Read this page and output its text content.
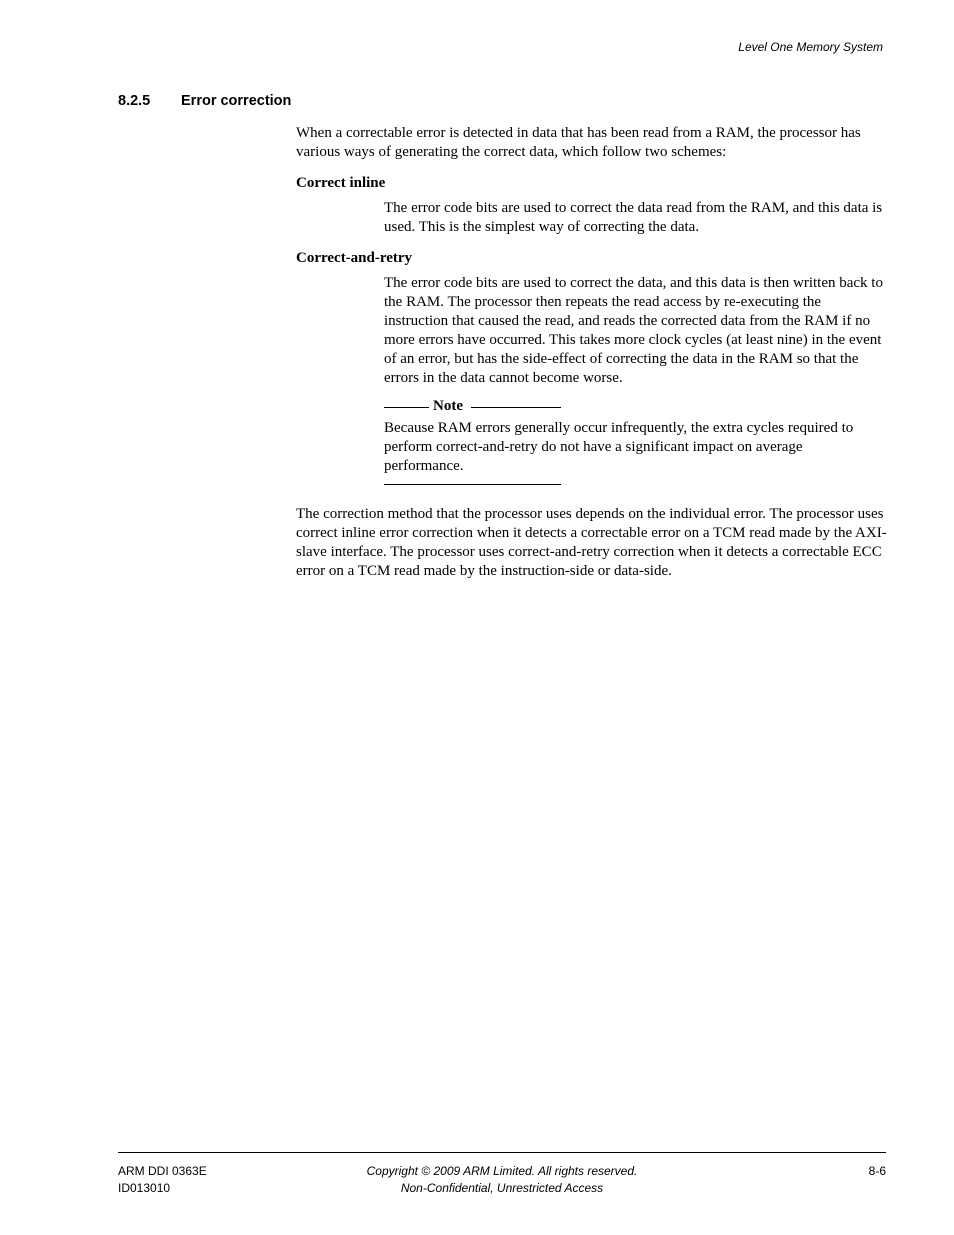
Level One Memory System
8.2.5 Error correction

When a correctable error is detected in data that has been read from a RAM, the processor has various ways of generating the correct data, which follow two schemes:

Correct inline

The error code bits are used to correct the data read from the RAM, and this data is used. This is the simplest way of correcting the data.

Correct-and-retry

The error code bits are used to correct the data, and this data is then written back to the RAM. The processor then repeats the read access by re-executing the instruction that caused the read, and reads the corrected data from the RAM if no more errors have occurred. This takes more clock cycles (at least nine) in the event of an error, but has the side-effect of correcting the data in the RAM so that the errors in the data cannot become worse.

Note

Because RAM errors generally occur infrequently, the extra cycles required to perform correct-and-retry do not have a significant impact on average performance.

The correction method that the processor uses depends on the individual error. The processor uses correct inline error correction when it detects a correctable error on a TCM read made by the AXI-slave interface. The processor uses correct-and-retry correction when it detects a correctable ECC error on a TCM read made by the instruction-side or data-side.

ARM DDI 0363E
ID013010
Copyright © 2009 ARM Limited. All rights reserved.
Non-Confidential, Unrestricted Access
8-6
